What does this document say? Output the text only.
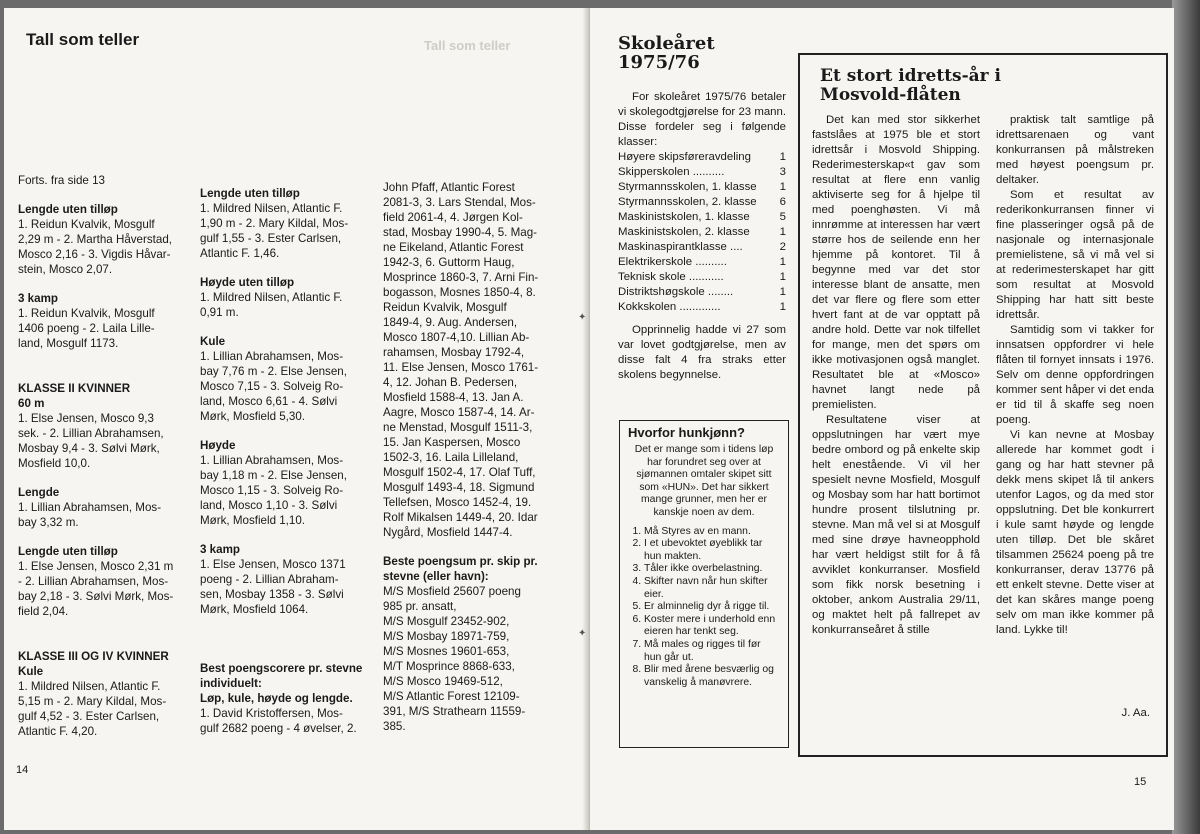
Tall som teller	Tall som teller
Forts. fra side 13
Lengde uten tilløp
1. Reidun Kvalvik, Mosgulf
2,29 m - 2. Martha Håverstad,
Mosco 2,16 - 3. Vigdis Håvar-
stein, Mosco 2,07.
3 kamp
1. Reidun Kvalvik, Mosgulf
1406 poeng - 2. Laila Lille-
land, Mosgulf 1173.
KLASSE II KVINNER
60 m
1. Else Jensen, Mosco 9,3
sek. - 2. Lillian Abrahamsen,
Mosbay 9,4 - 3. Sølvi Mørk,
Mosfield 10,0.
Lengde
1. Lillian Abrahamsen, Mos-
bay 3,32 m.
Lengde uten tilløp
1. Else Jensen, Mosco 2,31 m
- 2. Lillian Abrahamsen, Mos-
bay 2,18 - 3. Sølvi Mørk, Mos-
field 2,04.
KLASSE III OG IV KVINNER
Kule
1. Mildred Nilsen, Atlantic F.
5,15 m - 2. Mary Kildal, Mos-
gulf 4,52 - 3. Ester Carlsen,
Atlantic F. 4,20.
Lengde uten tilløp
1. Mildred Nilsen, Atlantic F.
1,90 m - 2. Mary Kildal, Mos-
gulf 1,55 - 3. Ester Carlsen,
Atlantic F. 1,46.
Høyde uten tilløp
1. Mildred Nilsen, Atlantic F.
0,91 m.
Kule
1. Lillian Abrahamsen, Mos-
bay 7,76 m - 2. Else Jensen,
Mosco 7,15 - 3. Solveig Ro-
land, Mosco 6,61 - 4. Sølvi
Mørk, Mosfield 5,30.
Høyde
1. Lillian Abrahamsen, Mos-
bay 1,18 m - 2. Else Jensen,
Mosco 1,15 - 3. Solveig Ro-
land, Mosco 1,10 - 3. Sølvi
Mørk, Mosfield 1,10.
3 kamp
1. Else Jensen, Mosco 1371
poeng - 2. Lillian Abraham-
sen, Mosbay 1358 - 3. Sølvi
Mørk, Mosfield 1064.
Best poengscorere pr. stevne
individuelt:
Løp, kule, høyde og lengde.
1. David Kristoffersen, Mos-
gulf 2682 poeng - 4 øvelser, 2.
John Pfaff, Atlantic Forest
2081-3, 3. Lars Stendal, Mos-
field 2061-4, 4. Jørgen Kol-
stad, Mosbay 1990-4, 5. Mag-
ne Eikeland, Atlantic Forest
1942-3, 6. Guttorm Haug,
Mosprince 1860-3, 7. Arni Fin-
bogasson, Mosnes 1850-4, 8.
Reidun Kvalvik, Mosgulf
1849-4, 9. Aug. Andersen,
Mosco 1807-4,10. Lillian Ab-
rahamsen, Mosbay 1792-4,
11. Else Jensen, Mosco 1761-
4, 12. Johan B. Pedersen,
Mosfield 1588-4, 13. Jan A.
Aagre, Mosco 1587-4, 14. Ar-
ne Menstad, Mosgulf 1511-3,
15. Jan Kaspersen, Mosco
1502-3, 16. Laila Lilleland,
Mosgulf 1502-4, 17. Olaf Tuff,
Mosgulf 1493-4, 18. Sigmund
Tellefsen, Mosco 1452-4, 19.
Rolf Mikalsen 1449-4, 20. Idar
Nygård, Mosfield 1447-4.
Beste poengsum pr. skip pr.
stevne (eller havn):
M/S Mosfield 25607 poeng
985 pr. ansatt,
M/S Mosgulf 23452-902,
M/S Mosbay 18971-759,
M/S Mosnes 19601-653,
M/T Mosprince 8868-633,
M/S Mosco 19469-512,
M/S Atlantic Forest 12109-
391, M/S Strathearn 11559-
385.
14
✦
✦
Skoleåret
1975/76

For skoleåret 1975/76 betaler vi skolegodtgjørelse for 23 mann. Disse fordeler seg i følgende klasser:

Høyere skipsføreravdeling	1
Skipperskolen ..........	3
Styrmannsskolen, 1. klasse 1
Styrmannsskolen, 2. klasse 6
Maskinistskolen, 1. klasse	5
Maskinistskolen, 2. klasse	1
Maskinaspirantklasse ....	2
Elektrikerskole ..........	1
Teknisk skole ...........	1
Distriktshøgskole ........	1
Kokkskolen .............	1

Opprinnelig hadde vi 27 som var lovet godtgjørelse, men av disse falt 4 fra straks etter skolens begynnelse.

Hvorfor hunkjønn?
Det er mange som i tidens løp har forundret seg over at sjømannen omtaler skipet sitt som «HUN». Det har sikkert mange grunner, men her er kanskje noen av dem.
1. Må Styres av en mann.
2. I et ubevoktet øyeblikk tar hun makten.
3. Tåler ikke overbelastning.
4. Skifter navn når hun skifter eier.
5. Er alminnelig dyr å rigge til.
6. Koster mere i underhold enn eieren har tenkt seg.
7. Må males og rigges til før hun går ut.
8. Blir med årene besværlig og vanskelig å manøvrere.
Et stort idretts-år i
Mosvold-flåten

Det kan med stor sikkerhet fastslåes at 1975 ble et stort idrettsår i Mosvold Shipping. Rederimesterskap«t gav som resultat at flere enn vanlig aktiviserte seg for å hjelpe til med poenghøsten. Vi må innrømme at interessen har vært større hos de seilende enn her hjemme på kontoret. Til å begynne med var det stor interesse blant de ansatte, men det var flere og flere som etter hvert fant at de var opptatt på andre hold. Dette var nok tilfellet for mange, men det spørs om ikke motivasjonen også manglet. Resultatet ble at «Mosco» havnet langt nede på premielisten.

Resultatene viser at oppslutningen har vært mye bedre ombord og på enkelte skip helt enestående. Vi vil her spesielt nevne Mosfield, Mosgulf og Mosbay som har hatt bortimot hundre prosent tilslutning pr. stevne. Man må vel si at Mosgulf med sine drøye havneopphold har vært heldigst stilt for å få avviklet konkurranser. Mosfield som fikk norsk besetning i oktober, ankom Australia 29/11, og maktet helt på fallrepet av konkurranseåret å stille

praktisk talt samtlige på idrettsarenaen og vant konkurransen på målstreken med høyest poengsum pr. deltaker.

Som et resultat av rederikonkurransen finner vi fine plasseringer også på de nasjonale og internasjonale premielistene, så vi må vel si at rederimesterskapet har gitt som resultat at Mosvold Shipping har hatt sitt beste idrettsår.

Samtidig som vi takker for innsatsen oppfordrer vi hele flåten til fornyet innsats i 1976. Selv om denne oppfordringen kommer sent håper vi det enda er tid til å skaffe seg noen poeng.

Vi kan nevne at Mosbay allerede har kommet godt i gang og har hatt stevner på dekk mens skipet lå til ankers utenfor Lagos, og da med stor oppslutning. Det ble konkurrert i kule samt høyde og lengde uten tilløp. Det ble skåret tilsammen 25624 poeng på tre konkurranser, derav 13776 på ett enkelt stevne. Dette viser at det kan skåres mange poeng selv om man ikke kommer på land. Lykke til!

J. Aa.
15
